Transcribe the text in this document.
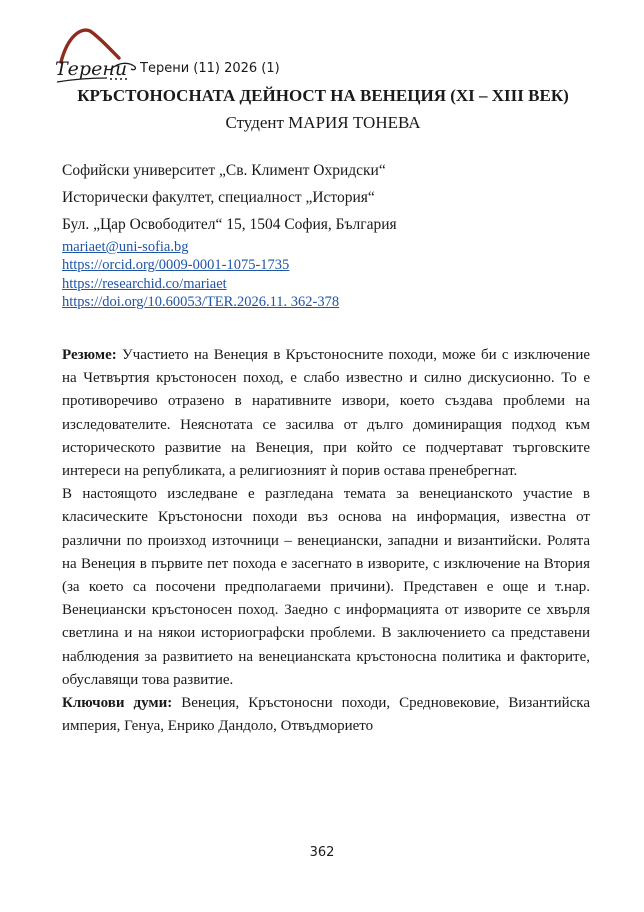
Терени Терени (11) 2026 (1)
КРЪСТОНОСНАТА ДЕЙНОСТ НА ВЕНЕЦИЯ (XI – XIII ВЕК)
Студент МАРИЯ ТОНЕВА
Софийски университет „Св. Климент Охридски“
Исторически факултет, специалност „История“
Бул. „Цар Освободител“ 15, 1504 София, България
mariaet@uni-sofia.bg
https://orcid.org/0009-0001-1075-1735
https://researchid.co/mariaet
https://doi.org/10.60053/TER.2026.11. 362-378

Резюме: Участието на Венеция в Кръстоносните походи, може би с изключение на Четвъртия кръстоносен поход, е слабо известно и силно дискусионно. То е противоречиво отразено в наративните извори, което създава проблеми на изследователите. Неяснотата се засилва от дълго доминиращия подход към историческото развитие на Венеция, при който се подчертават търговските интереси на републиката, а религиозният ѝ порив остава пренебрегнат.

В настоящото изследване е разгледана темата за венецианското участие в класическите Кръстоносни походи въз основа на информация, известна от различни по произход източници – венециански, западни и византийски. Ролята на Венеция в първите пет похода е засегнато в изворите, с изключение на Втория (за което са посочени предполагаеми причини). Представен е още и т.нар. Венециански кръстоносен поход. Заедно с информацията от изворите се хвърля светлина и на някои историографски проблеми. В заключението са представени наблюдения за развитието на венецианската кръстоносна политика и факторите, обуславящи това развитие.

Ключови думи: Венеция, Кръстоносни походи, Средновековие, Византийска империя, Генуа, Енрико Дандоло, Отвъдморието

362
